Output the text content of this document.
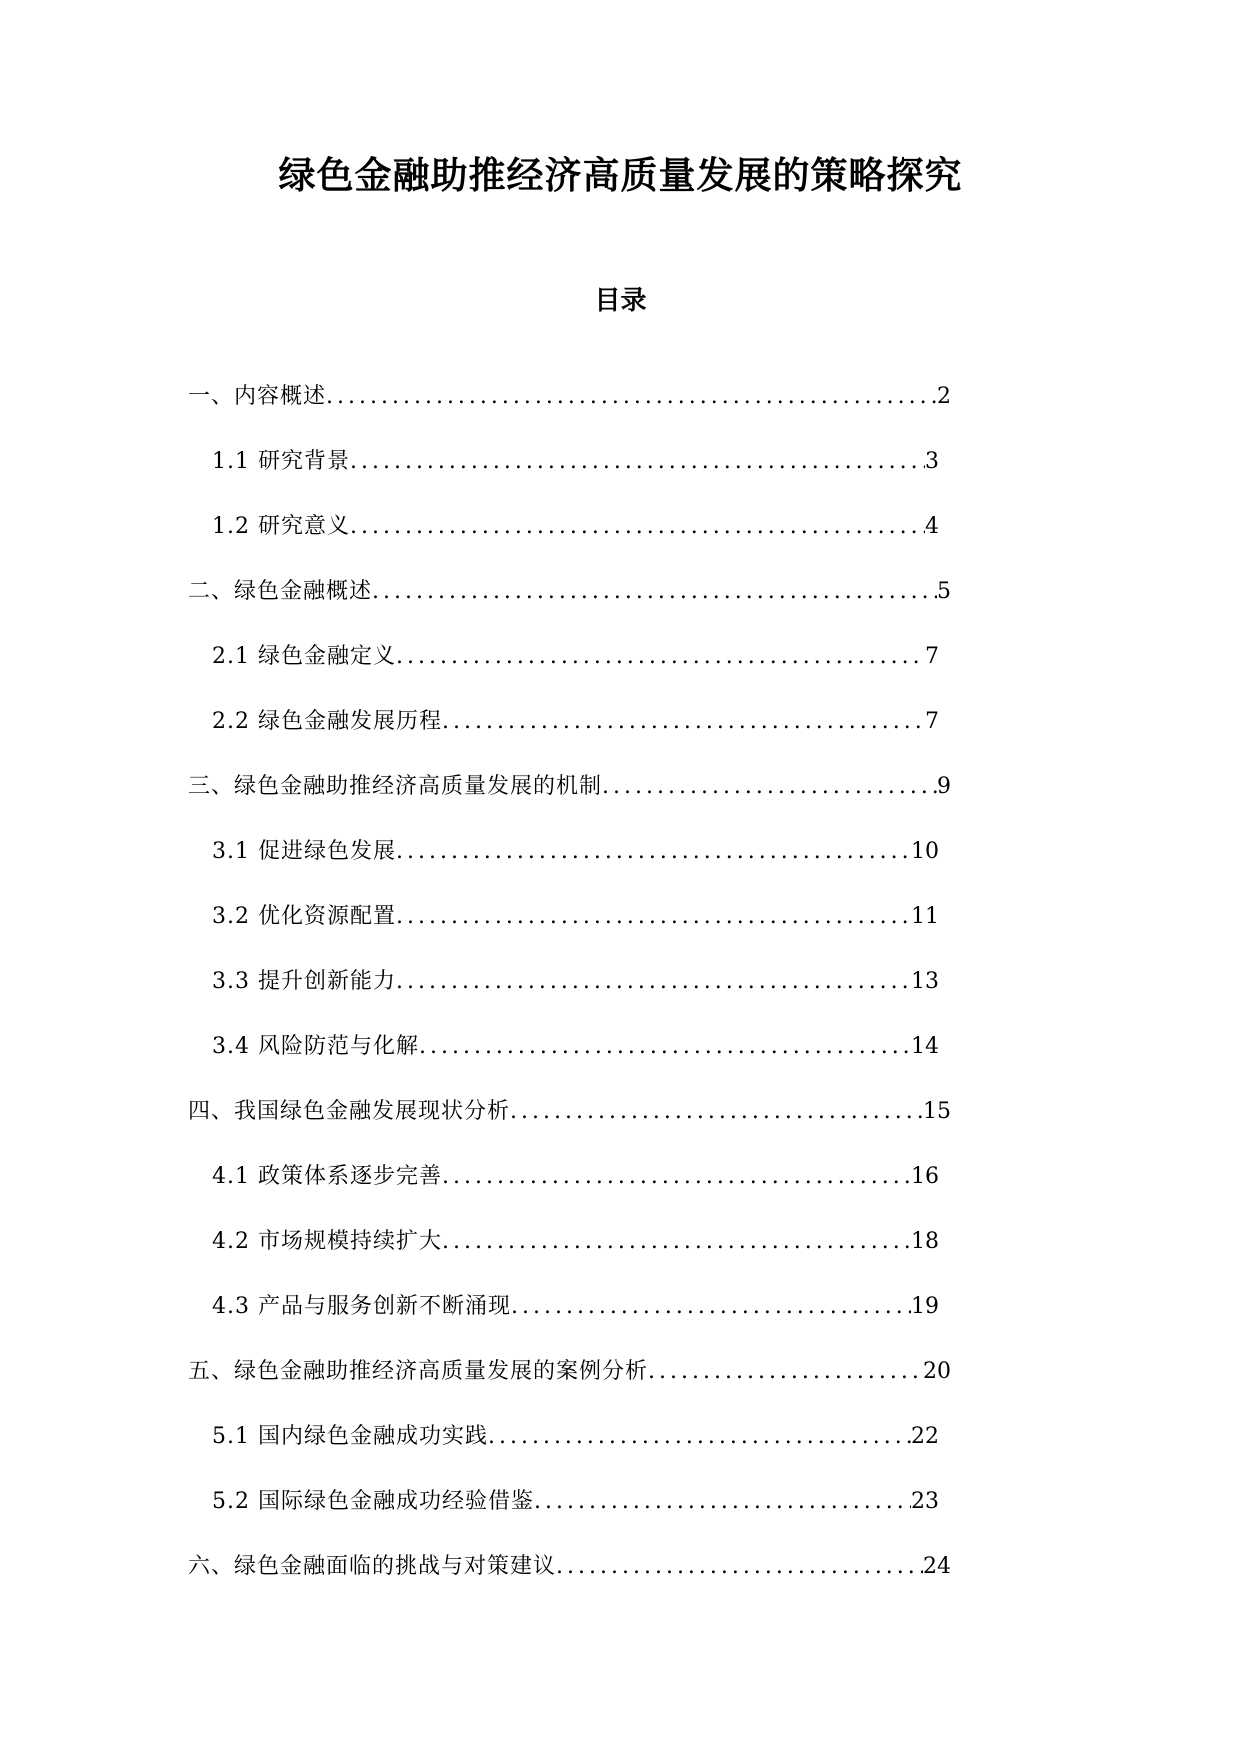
绿色金融助推经济高质量发展的策略探究
目录
一、内容概述 .....	2
1.1 研究背景 .....	3
1.2 研究意义 .....	4
二、绿色金融概述 .....	5
2.1 绿色金融定义 .....	7
2.2 绿色金融发展历程 .....	7
三、绿色金融助推经济高质量发展的机制 .....	9
3.1 促进绿色发展 .....	10
3.2 优化资源配置 .....	11
3.3 提升创新能力 .....	13
3.4 风险防范与化解 .....	14
四、我国绿色金融发展现状分析 .....	15
4.1 政策体系逐步完善 .....	16
4.2 市场规模持续扩大 .....	18
4.3 产品与服务创新不断涌现 .....	19
五、绿色金融助推经济高质量发展的案例分析 .....	20
5.1 国内绿色金融成功实践 .....	22
5.2 国际绿色金融成功经验借鉴 .....	23
六、绿色金融面临的挑战与对策建议 .....	24
